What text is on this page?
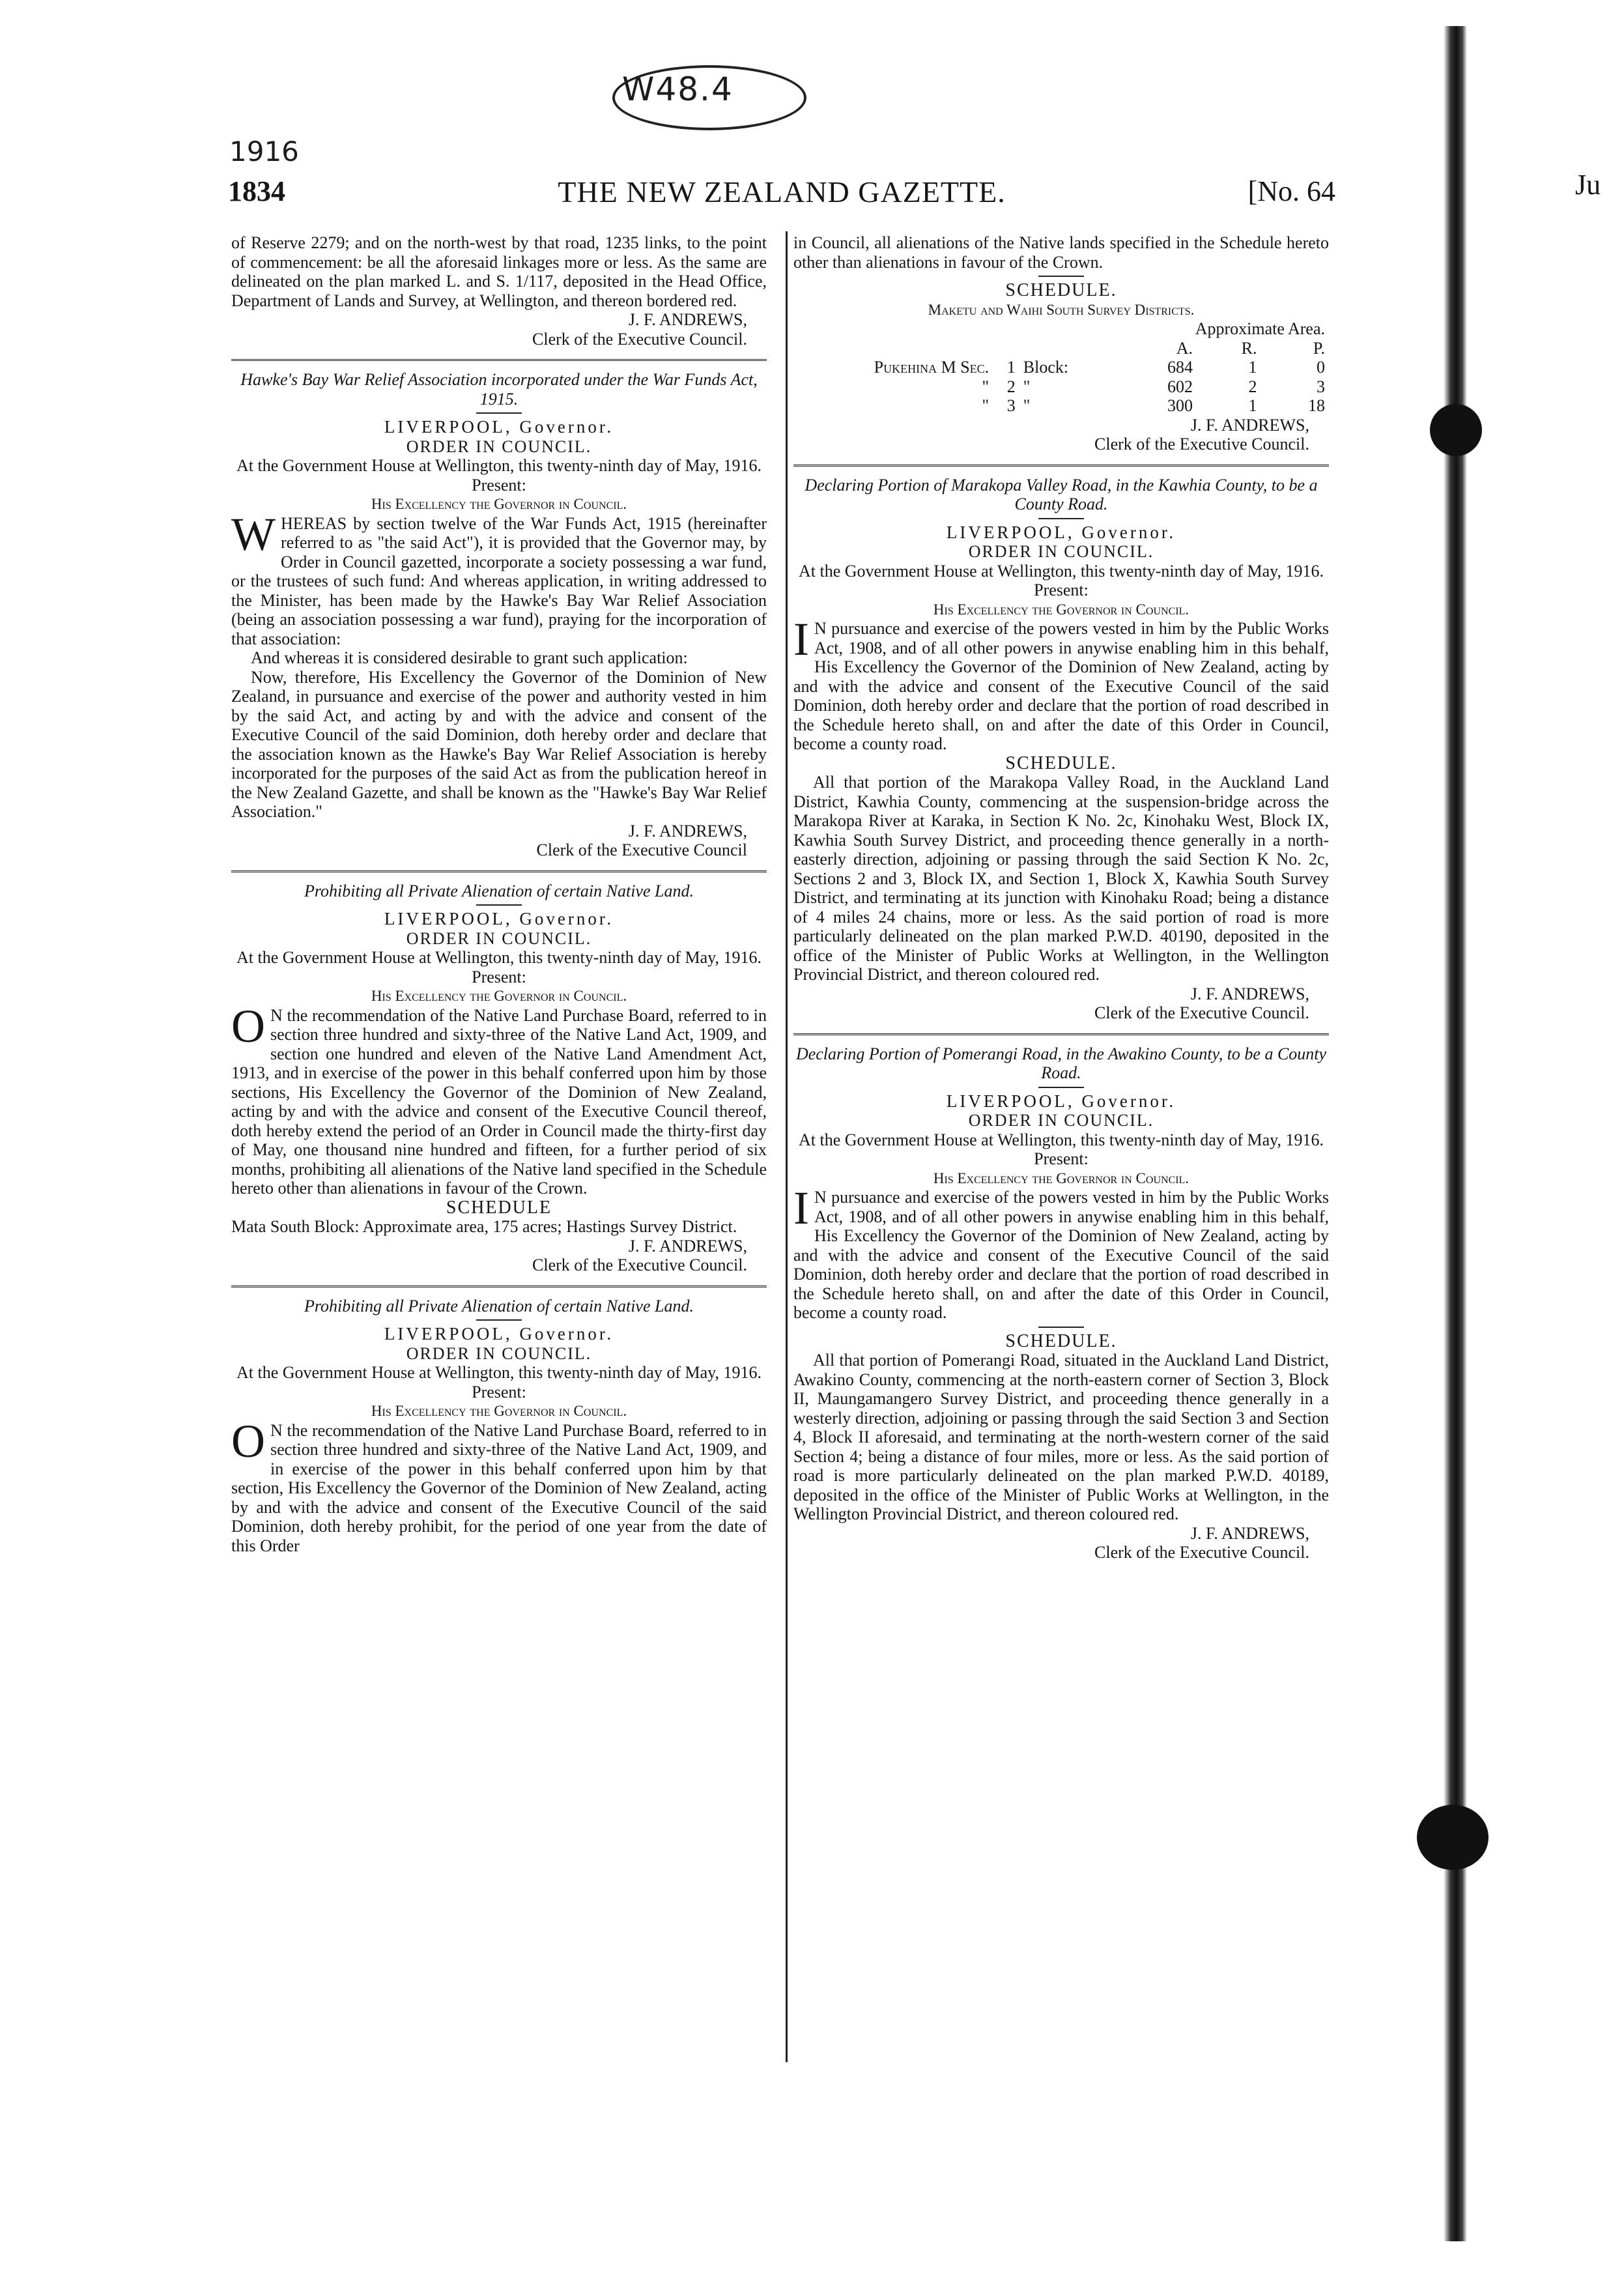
W48.4
1916
1834	THE NEW ZEALAND GAZETTE.	[No. 64	Ju

of Reserve 2279; and on the north-west by that road, 1235 links, to the point of commencement: be all the aforesaid linkages more or less. As the same are delineated on the plan marked L. and S. 1/117, deposited in the Head Office, Department of Lands and Survey, at Wellington, and thereon bordered red.

J. F. ANDREWS,

Clerk of the Executive Council.

Hawke's Bay War Relief Association incorporated under the War Funds Act, 1915.

LIVERPOOL, Governor.

ORDER IN COUNCIL.

At the Government House at Wellington, this twenty-ninth day of May, 1916.

Present:

His Excellency the Governor in Council.

WHEREAS by section twelve of the War Funds Act, 1915 (hereinafter referred to as "the said Act"), it is provided that the Governor may, by Order in Council gazetted, incorporate a society possessing a war fund, or the trustees of such fund: And whereas application, in writing addressed to the Minister, has been made by the Hawke's Bay War Relief Association (being an association possessing a war fund), praying for the incorporation of that association:

And whereas it is considered desirable to grant such application:

Now, therefore, His Excellency the Governor of the Dominion of New Zealand, in pursuance and exercise of the power and authority vested in him by the said Act, and acting by and with the advice and consent of the Executive Council of the said Dominion, doth hereby order and declare that the association known as the Hawke's Bay War Relief Association is hereby incorporated for the purposes of the said Act as from the publication hereof in the New Zealand Gazette, and shall be known as the "Hawke's Bay War Relief Association."

J. F. ANDREWS,

Clerk of the Executive Council

Prohibiting all Private Alienation of certain Native Land.

LIVERPOOL, Governor.

ORDER IN COUNCIL.

At the Government House at Wellington, this twenty-ninth day of May, 1916.

Present:

His Excellency the Governor in Council.

O N the recommendation of the Native Land Purchase Board, referred to in section three hundred and sixty-three of the Native Land Act, 1909, and section one hundred and eleven of the Native Land Amendment Act, 1913, and in exercise of the power in this behalf conferred upon him by those sections, His Excellency the Governor of the Dominion of New Zealand, acting by and with the advice and consent of the Executive Council thereof, doth hereby extend the period of an Order in Council made the thirty-first day of May, one thousand nine hundred and fifteen, for a further period of six months, prohibiting all alienations of the Native land specified in the Schedule hereto other than alienations in favour of the Crown.

SCHEDULE

Mata South Block: Approximate area, 175 acres; Hastings Survey District.

J. F. ANDREWS,

Clerk of the Executive Council.

Prohibiting all Private Alienation of certain Native Land.

LIVERPOOL, Governor.

ORDER IN COUNCIL.

At the Government House at Wellington, this twenty-ninth day of May, 1916.

Present:

His Excellency the Governor in Council.

O N the recommendation of the Native Land Purchase Board, referred to in section three hundred and sixty-three of the Native Land Act, 1909, and in exercise of the power in this behalf conferred upon him by that section, His Excellency the Governor of the Dominion of New Zealand, acting by and with the advice and consent of the Executive Council of the said Dominion, doth hereby prohibit, for the period of one year from the date of this Order

in Council, all alienations of the Native lands specified in the Schedule hereto other than alienations in favour of the Crown.

SCHEDULE.

Maketu and Waihi South Survey Districts.

			Approximate Area.		
			A.	R.	P.
Pukehina M Sec.	1	Block:	684	1	0
"	2	"	602	2	3
"	3	"	300	1	18

J. F. ANDREWS,

Clerk of the Executive Council.

Declaring Portion of Marakopa Valley Road, in the Kawhia County, to be a County Road.

LIVERPOOL, Governor.

ORDER IN COUNCIL.

At the Government House at Wellington, this twenty-ninth day of May, 1916.

Present:

His Excellency the Governor in Council.

I N pursuance and exercise of the powers vested in him by the Public Works Act, 1908, and of all other powers in anywise enabling him in this behalf, His Excellency the Governor of the Dominion of New Zealand, acting by and with the advice and consent of the Executive Council of the said Dominion, doth hereby order and declare that the portion of road described in the Schedule hereto shall, on and after the date of this Order in Council, become a county road.

SCHEDULE.

All that portion of the Marakopa Valley Road, in the Auckland Land District, Kawhia County, commencing at the suspension-bridge across the Marakopa River at Karaka, in Section K No. 2c, Kinohaku West, Block IX, Kawhia South Survey District, and proceeding thence generally in a north-easterly direction, adjoining or passing through the said Section K No. 2c, Sections 2 and 3, Block IX, and Section 1, Block X, Kawhia South Survey District, and terminating at its junction with Kinohaku Road; being a distance of 4 miles 24 chains, more or less. As the said portion of road is more particularly delineated on the plan marked P.W.D. 40190, deposited in the office of the Minister of Public Works at Wellington, in the Wellington Provincial District, and thereon coloured red.

J. F. ANDREWS,

Clerk of the Executive Council.

Declaring Portion of Pomerangi Road, in the Awakino County, to be a County Road.

LIVERPOOL, Governor.

ORDER IN COUNCIL.

At the Government House at Wellington, this twenty-ninth day of May, 1916.

Present:

His Excellency the Governor in Council.

I N pursuance and exercise of the powers vested in him by the Public Works Act, 1908, and of all other powers in anywise enabling him in this behalf, His Excellency the Governor of the Dominion of New Zealand, acting by and with the advice and consent of the Executive Council of the said Dominion, doth hereby order and declare that the portion of road described in the Schedule hereto shall, on and after the date of this Order in Council, become a county road.

SCHEDULE.

All that portion of Pomerangi Road, situated in the Auckland Land District, Awakino County, commencing at the north-eastern corner of Section 3, Block II, Maungamangero Survey District, and proceeding thence generally in a westerly direction, adjoining or passing through the said Section 3 and Section 4, Block II aforesaid, and terminating at the north-western corner of the said Section 4; being a distance of four miles, more or less. As the said portion of road is more particularly delineated on the plan marked P.W.D. 40189, deposited in the office of the Minister of Public Works at Wellington, in the Wellington Provincial District, and thereon coloured red.

J. F. ANDREWS,

Clerk of the Executive Council.
